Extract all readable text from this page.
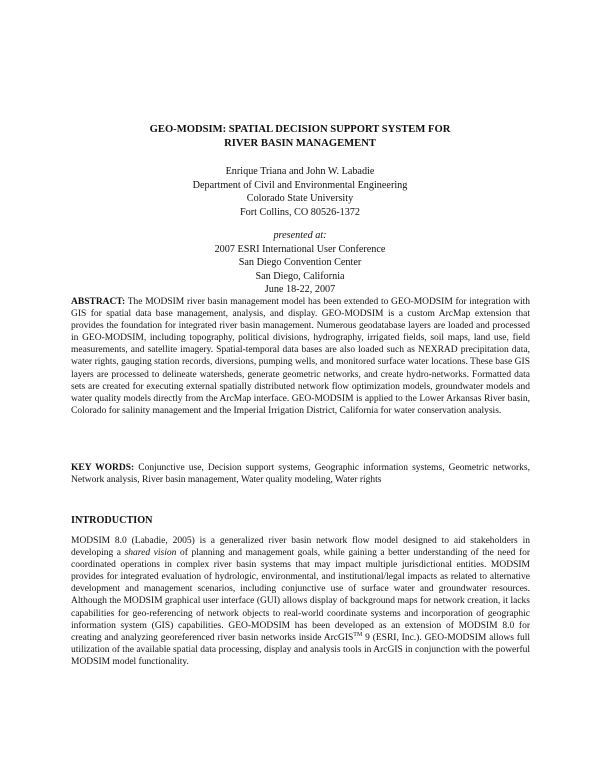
GEO-MODSIM: SPATIAL DECISION SUPPORT SYSTEM FOR
RIVER BASIN MANAGEMENT
Enrique Triana and John W. Labadie
Department of Civil and Environmental Engineering
Colorado State University
Fort Collins, CO 80526-1372
presented at:
2007 ESRI International User Conference
San Diego Convention Center
San Diego, California
June 18-22, 2007
ABSTRACT: The MODSIM river basin management model has been extended to GEO-MODSIM for integration with GIS for spatial data base management, analysis, and display. GEO-MODSIM is a custom ArcMap extension that provides the foundation for integrated river basin management. Numerous geodatabase layers are loaded and processed in GEO-MODSIM, including topography, political divisions, hydrography, irrigated fields, soil maps, land use, field measurements, and satellite imagery. Spatial-temporal data bases are also loaded such as NEXRAD precipitation data, water rights, gauging station records, diversions, pumping wells, and monitored surface water locations. These base GIS layers are processed to delineate watersheds, generate geometric networks, and create hydro-networks. Formatted data sets are created for executing external spatially distributed network flow optimization models, groundwater models and water quality models directly from the ArcMap interface. GEO-MODSIM is applied to the Lower Arkansas River basin, Colorado for salinity management and the Imperial Irrigation District, California for water conservation analysis.
KEY WORDS: Conjunctive use, Decision support systems, Geographic information systems, Geometric networks, Network analysis, River basin management, Water quality modeling, Water rights
INTRODUCTION
MODSIM 8.0 (Labadie, 2005) is a generalized river basin network flow model designed to aid stakeholders in developing a shared vision of planning and management goals, while gaining a better understanding of the need for coordinated operations in complex river basin systems that may impact multiple jurisdictional entities. MODSIM provides for integrated evaluation of hydrologic, environmental, and institutional/legal impacts as related to alternative development and management scenarios, including conjunctive use of surface water and groundwater resources. Although the MODSIM graphical user interface (GUI) allows display of background maps for network creation, it lacks capabilities for geo-referencing of network objects to real-world coordinate systems and incorporation of geographic information system (GIS) capabilities. GEO-MODSIM has been developed as an extension of MODSIM 8.0 for creating and analyzing georeferenced river basin networks inside ArcGIS™ 9 (ESRI, Inc.). GEO-MODSIM allows full utilization of the available spatial data processing, display and analysis tools in ArcGIS in conjunction with the powerful MODSIM model functionality.
